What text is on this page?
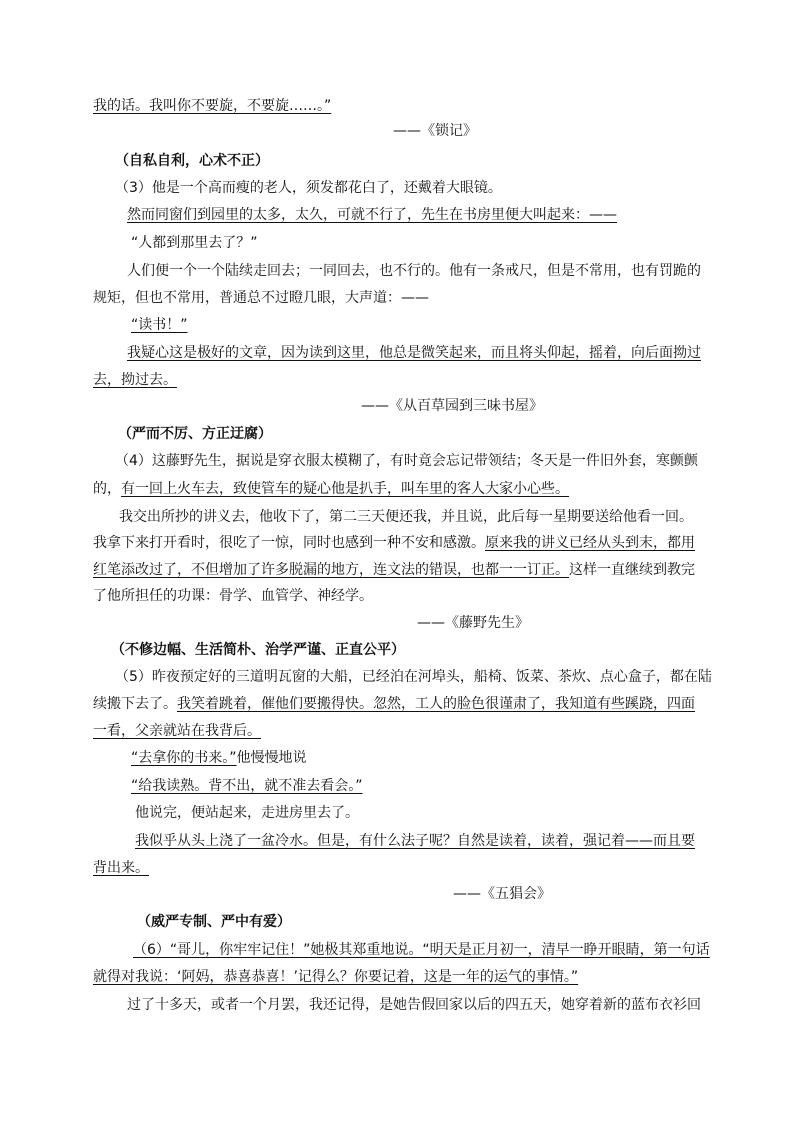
我的话。我叫你不要旋，不要旋……。”
——《锁记》
（自私自利，心术不正）
（3）他是一个高而瘦的老人，须发都花白了，还戴着大眼镜。
然而同窗们到园里的太多，太久，可就不行了，先生在书房里便大叫起来：——
“人都到那里去了？”
人们便一个一个陆续走回去；一同回去，也不行的。他有一条戒尺，但是不常用，也有罚跪的
规矩，但也不常用，普通总不过瞪几眼，大声道：——
“读书！”
我疑心这是极好的文章，因为读到这里，他总是微笑起来，而且将头仰起，摇着，向后面拗过
去，拗过去。
——《从百草园到三味书屋》
（严而不厉、方正迂腐）
（4）这藤野先生，据说是穿衣服太模糊了，有时竟会忘记带领结；冬天是一件旧外套，寒颤颤
的，有一回上火车去，致使管车的疑心他是扒手，叫车里的客人大家小心些。
我交出所抄的讲义去，他收下了，第二三天便还我，并且说，此后每一星期要送给他看一回。
我拿下来打开看时，很吃了一惊，同时也感到一种不安和感激。原来我的讲义已经从头到末，都用
红笔添改过了，不但增加了许多脱漏的地方，连文法的错误，也都一一订正。这样一直继续到教完
了他所担任的功课：骨学、血管学、神经学。
——《藤野先生》
（不修边幅、生活简朴、治学严谨、正直公平）
（5）昨夜预定好的三道明瓦窗的大船，已经泊在河埠头，船椅、饭菜、茶炊、点心盒子，都在陆
续搬下去了。我笑着跳着，催他们要搬得快。忽然，工人的脸色很谨肃了，我知道有些蹊跷，四面
一看，父亲就站在我背后。
“去拿你的书来。”他慢慢地说
“给我读熟。背不出，就不准去看会。”
他说完，便站起来，走进房里去了。
我似乎从头上浇了一盆冷水。但是，有什么法子呢？自然是读着，读着，强记着——而且要
背出来。
——《五猖会》
（威严专制、严中有爱）
（6）“哥儿，你牢牢记住！”她极其郑重地说。“明天是正月初一，清早一睁开眼睛，第一句话
就得对我说：‘阿妈，恭喜恭喜！’记得么？你要记着，这是一年的运气的事情。”
过了十多天，或者一个月罢，我还记得，是她告假回家以后的四五天，她穿着新的蓝布衣衫回
